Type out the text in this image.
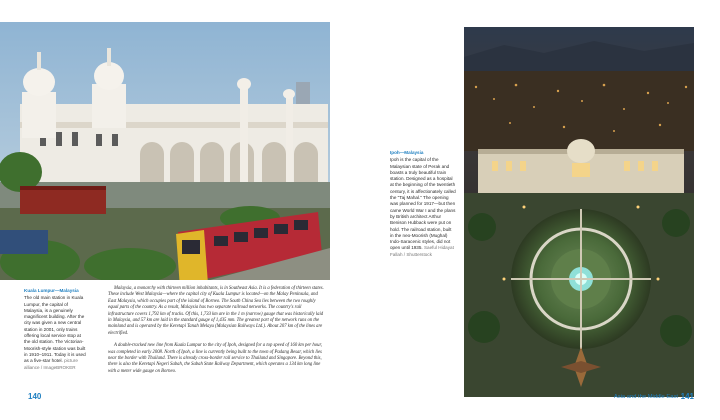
Kuala Lumpur—Malaysia
The old main station in Kuala Lumpur, the capital of Malaysia, is a genuinely magnificent building. After the city was given a new central station in 2001, only trains offering local service stop at the old station. The Victorian-Moorish-style station was built in 1910–1911. Today it is used as a five-star hotel. picture alliance / ImageBROKER

Malaysia, a monarchy with thirteen million inhabitants, is in Southeast Asia. It is a federation of thirteen states. These include West Malaysia—where the capital city of Kuala Lumpur is located—on the Malay Peninsula, and East Malaysia, which occupies part of the island of Borneo. The South China Sea lies between the two roughly equal parts of the country. As a result, Malaysia has two separate railroad networks. The country's rail infrastructure covers 1,792 km of tracks. Of this, 1,733 km are in the 1 m (narrow) gauge that was historically laid in Malaysia, and 57 km are laid in the standard gauge of 1,435 mm. The greatest part of the network runs on the mainland and is operated by the Keretapi Tanah Melayu (Malaysian Railways Ltd.). About 207 km of the lines are electrified.

A double-tracked new line from Kuala Lumpur to the city of Ipoh, designed for a top speed of 160 km per hour, was completed in early 2008. North of Ipoh, a line is currently being built to the town of Padang Besar, which lies near the border with Thailand. There is already cross-border rail service to Thailand and Singapore. Beyond this, there is also the Keretapi Negeri Sabah, the Sabah State Railway Department, which operates a 134 km long line with a meter wide gauge on Borneo.

Ipoh—Malaysia
Ipoh is the capital of the Malaysian state of Perak and boasts a truly beautiful train station. Designed as a hospital at the beginning of the twentieth century, it is affectionately called the "Taj Mahal." The opening was planned for 1917—but then came World War I and the plans by British architect Arthur Benison Hubback were put on hold. The railroad station, built in the neo-Moorish (Mughal) Indo-Saracenic styles, did not open until 1935. Saeful Hidayat Fallah / Shutterstock
140	Asia and the Middle East 141
